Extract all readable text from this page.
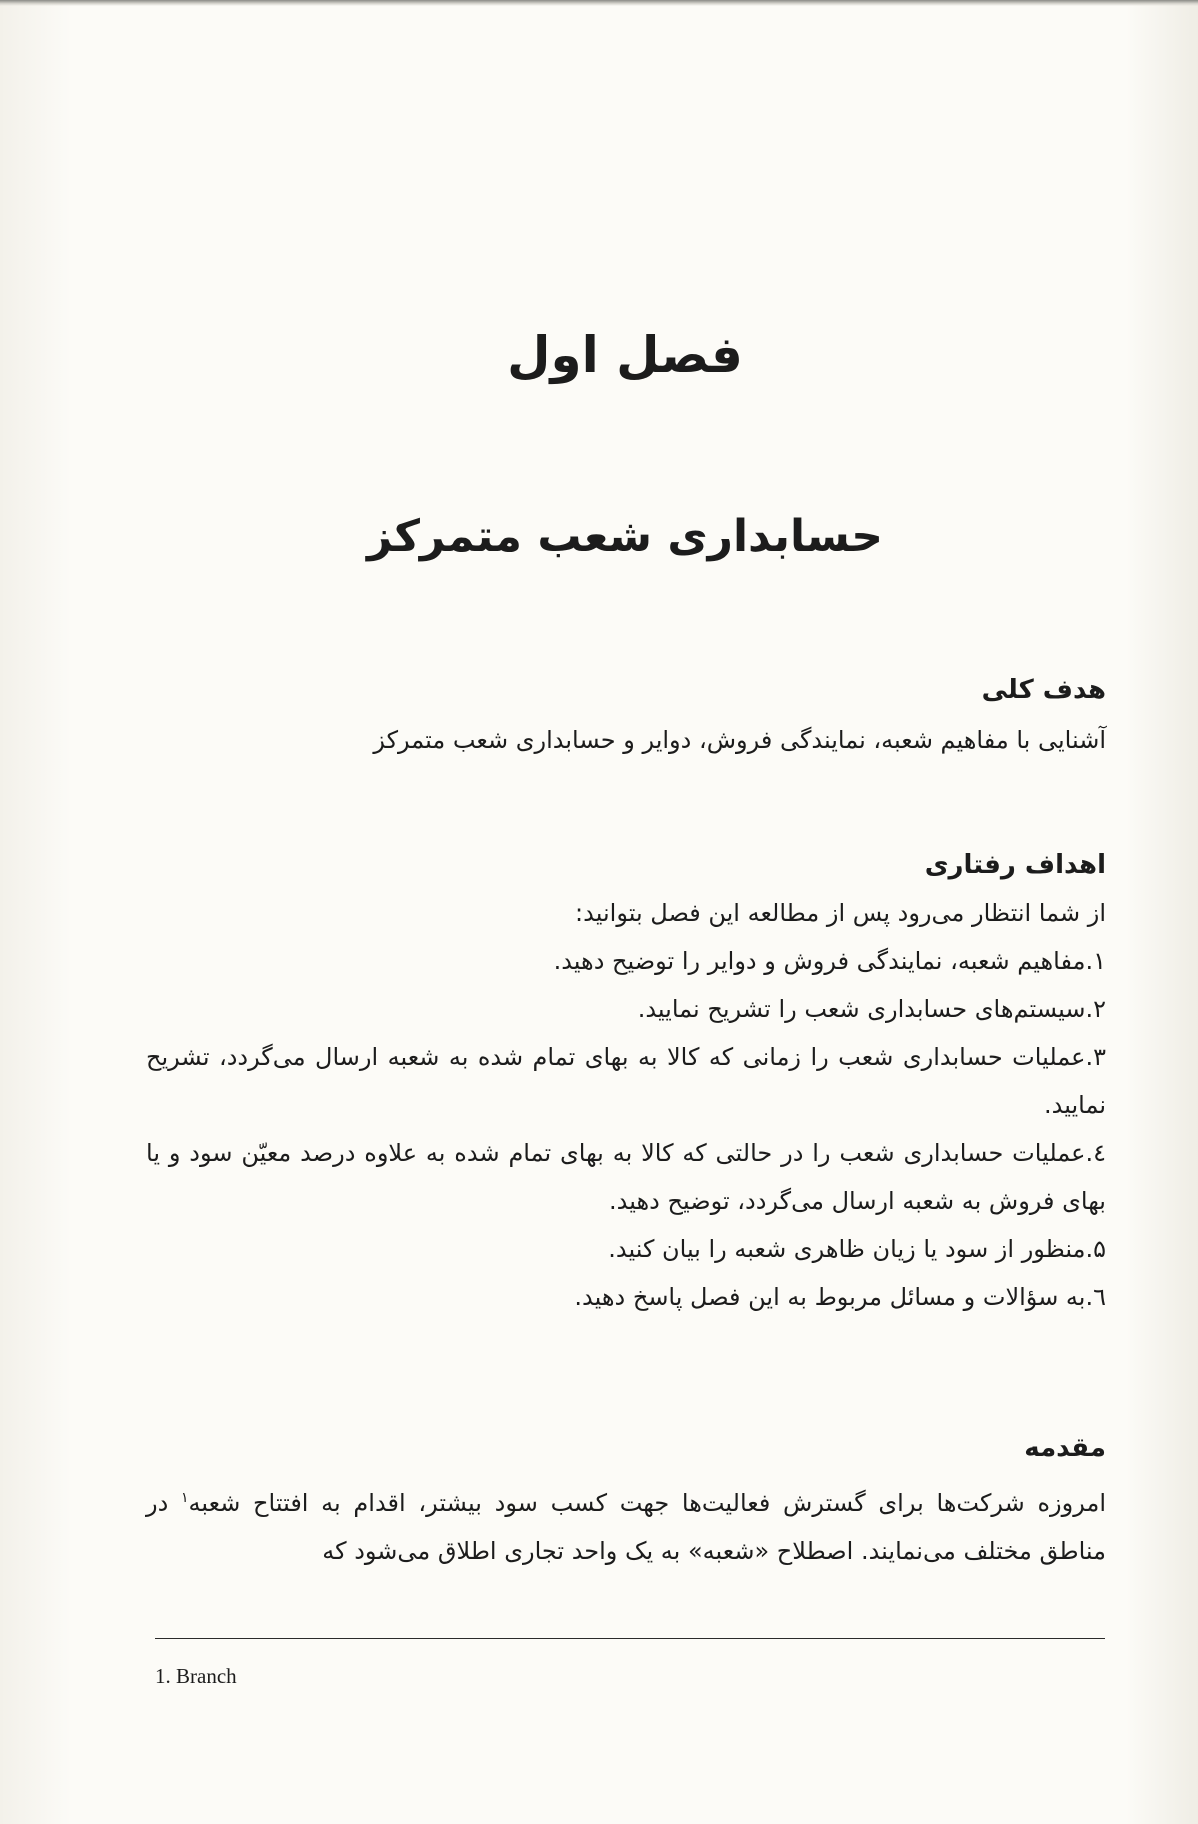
فصل اول
حسابداری شعب متمرکز
هدف کلی
آشنایی با مفاهیم شعبه، نمایندگی فروش، دوایر و حسابداری شعب متمرکز
اهداف رفتاری
از شما انتظار می‌رود پس از مطالعه این فصل بتوانید:
۱.مفاهیم شعبه، نمایندگی فروش و دوایر را توضیح دهید.
۲.سیستم‌های حسابداری شعب را تشریح نمایید.
۳.عملیات حسابداری شعب را زمانی که کالا به بهای تمام شده به شعبه ارسال می‌گردد، تشریح نمایید.
٤.عملیات حسابداری شعب را در حالتی که کالا به بهای تمام شده به علاوه درصد معیّن سود و یا بهای فروش به شعبه ارسال می‌گردد، توضیح دهید.
۵.منظور از سود یا زیان ظاهری شعبه را بیان کنید.
٦.به سؤالات و مسائل مربوط به این فصل پاسخ دهید.
مقدمه
امروزه شرکت‌ها برای گسترش فعالیت‌ها جهت کسب سود بیشتر، اقدام به افتتاح شعبه$^۱$ در مناطق مختلف می‌نمایند. اصطلاح «شعبه» به یک واحد تجاری اطلاق می‌شود که
1. Branch
